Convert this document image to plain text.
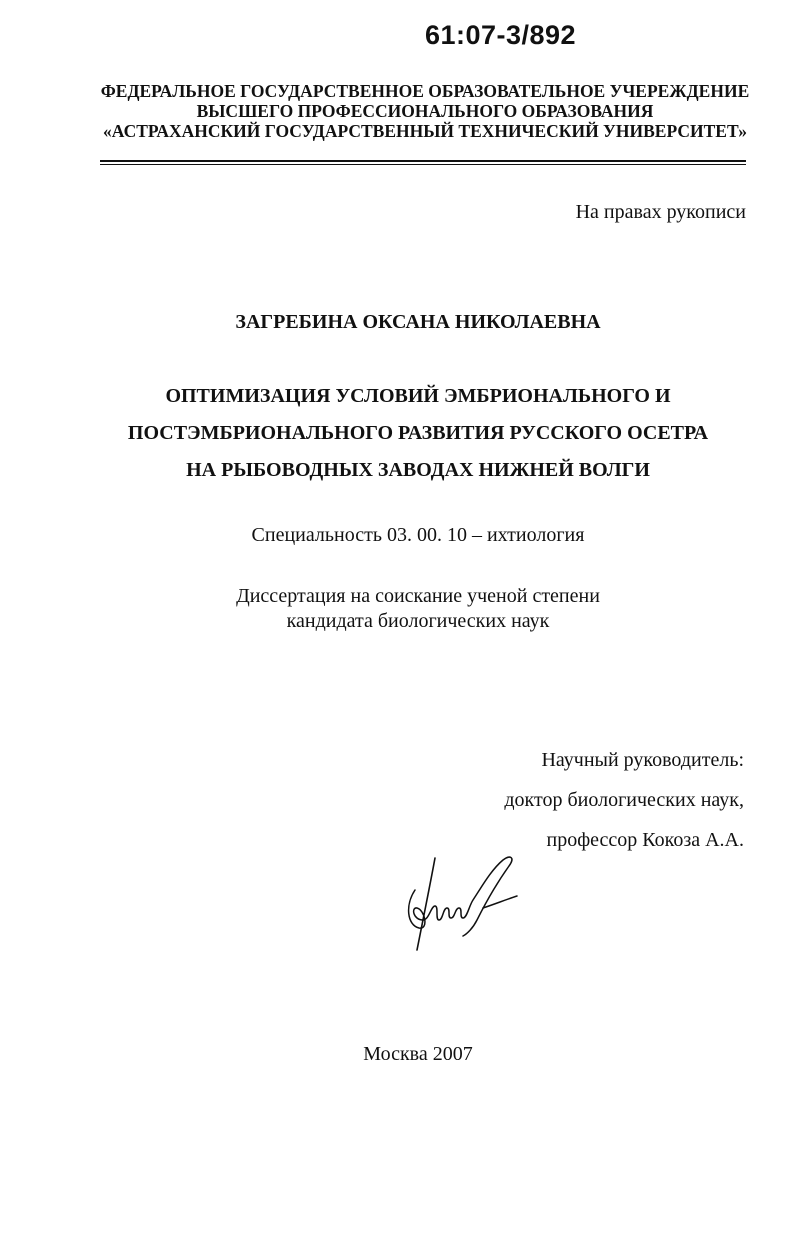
61:07-3/892
ФЕДЕРАЛЬНОЕ ГОСУДАРСТВЕННОЕ ОБРАЗОВАТЕЛЬНОЕ УЧЕРЕЖДЕНИЕ
ВЫСШЕГО ПРОФЕССИОНАЛЬНОГО ОБРАЗОВАНИЯ
«АСТРАХАНСКИЙ ГОСУДАРСТВЕННЫЙ ТЕХНИЧЕСКИЙ УНИВЕРСИТЕТ»
На правах рукописи
ЗАГРЕБИНА ОКСАНА НИКОЛАЕВНА
ОПТИМИЗАЦИЯ УСЛОВИЙ ЭМБРИОНАЛЬНОГО И
ПОСТЭМБРИОНАЛЬНОГО РАЗВИТИЯ РУССКОГО ОСЕТРА
НА РЫБОВОДНЫХ ЗАВОДАХ НИЖНЕЙ ВОЛГИ
Специальность 03. 00. 10 – ихтиология
Диссертация на соискание ученой степени
кандидата биологических наук
Научный руководитель:
доктор биологических наук,
профессор Кокоза А.А.
Москва 2007
